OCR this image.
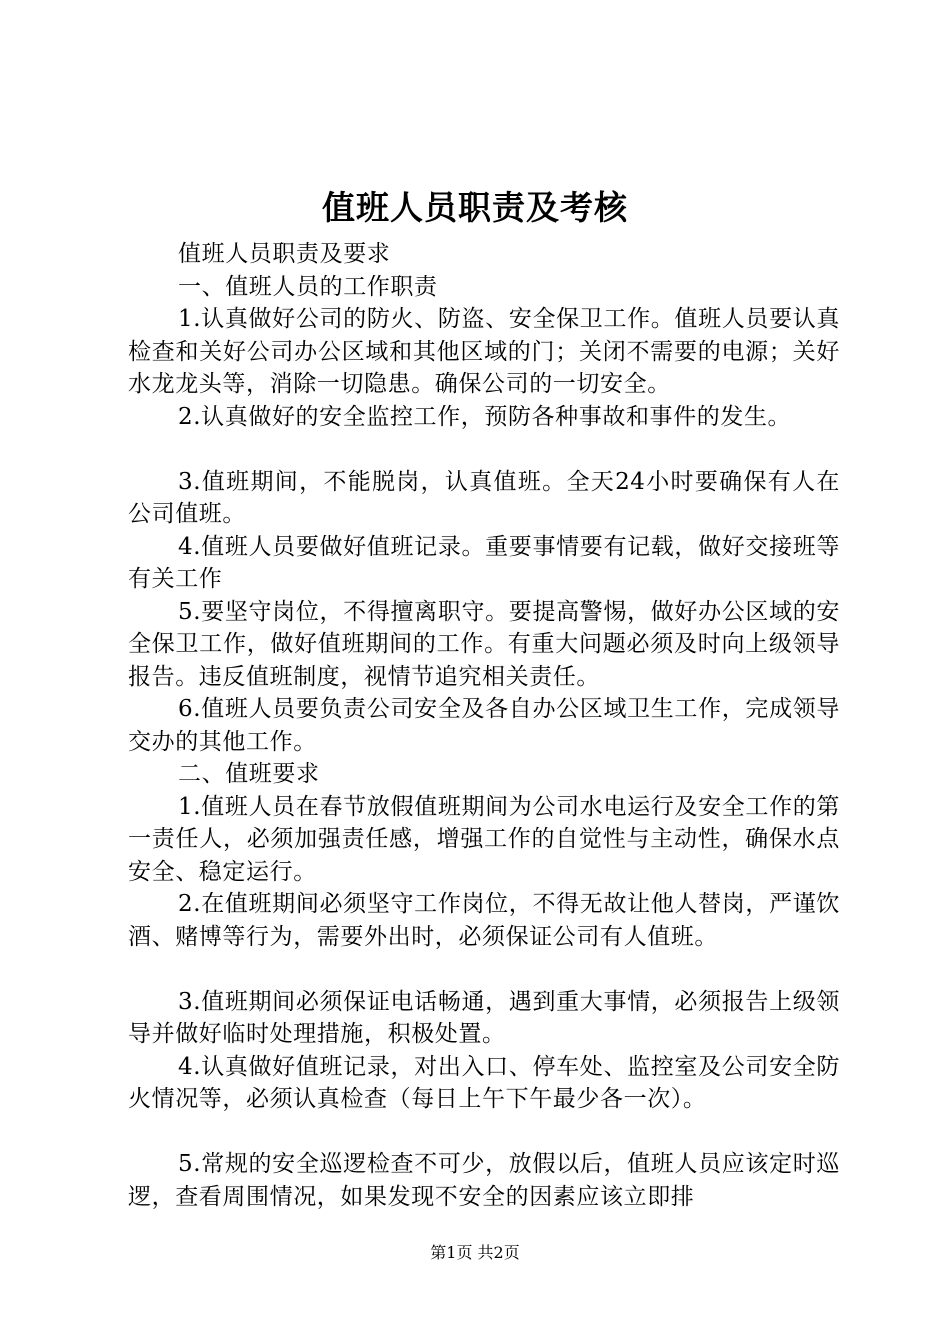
值班人员职责及考核

值班人员职责及要求

一、值班人员的工作职责

1.认真做好公司的防火、防盗、安全保卫工作。值班人员要认真检查和关好公司办公区域和其他区域的门；关闭不需要的电源；关好水龙龙头等，消除一切隐患。确保公司的一切安全。

2.认真做好的安全监控工作，预防各种事故和事件的发生。

3.值班期间，不能脱岗，认真值班。全天24小时要确保有人在公司值班。

4.值班人员要做好值班记录。重要事情要有记载，做好交接班等有关工作

5.要坚守岗位，不得擅离职守。要提高警惕，做好办公区域的安全保卫工作，做好值班期间的工作。有重大问题必须及时向上级领导报告。违反值班制度，视情节追究相关责任。

6.值班人员要负责公司安全及各自办公区域卫生工作，完成领导交办的其他工作。

二、值班要求

1.值班人员在春节放假值班期间为公司水电运行及安全工作的第一责任人，必须加强责任感，增强工作的自觉性与主动性，确保水点安全、稳定运行。

2.在值班期间必须坚守工作岗位，不得无故让他人替岗，严谨饮酒、赌博等行为，需要外出时，必须保证公司有人值班。

3.值班期间必须保证电话畅通，遇到重大事情，必须报告上级领导并做好临时处理措施，积极处置。

4.认真做好值班记录，对出入口、停车处、监控室及公司安全防火情况等，必须认真检查（每日上午下午最少各一次）。

5.常规的安全巡逻检查不可少，放假以后，值班人员应该定时巡逻，查看周围情况，如果发现不安全的因素应该立即排

第1页 共2页
